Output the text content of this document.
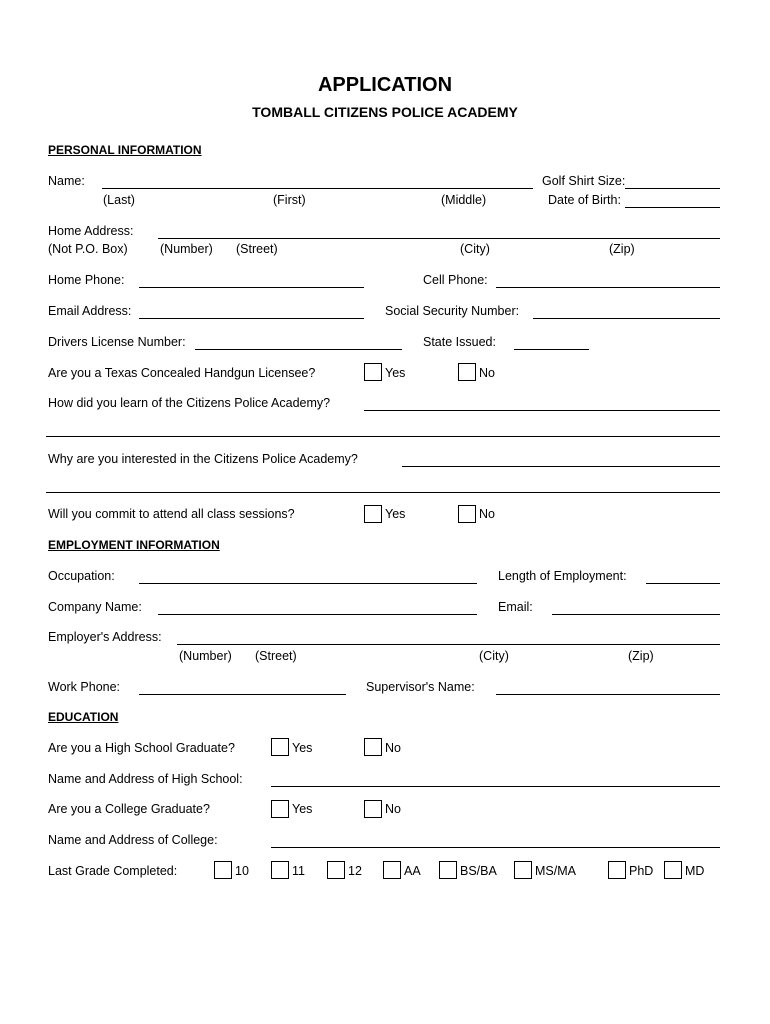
APPLICATION
TOMBALL CITIZENS POLICE ACADEMY
PERSONAL INFORMATION
Name:
(Last)	(First)	(Middle)
Golf Shirt Size:
Date of Birth:
Home Address:
(Not P.O. Box)	(Number) (Street)	(City)	(Zip)
Home Phone:	Cell Phone:
Email Address:	Social Security Number:
Drivers License Number:	State Issued:
Are you a Texas Concealed Handgun Licensee?	Yes	No
How did you learn of the Citizens Police Academy?
Why are you interested in the Citizens Police Academy?
Will you commit to attend all class sessions?	Yes	No
EMPLOYMENT INFORMATION
Occupation:	Length of Employment:
Company Name:	Email:
Employer's Address:
(Number) (Street)	(City)	(Zip)
Work Phone:	Supervisor's Name:
EDUCATION
Are you a High School Graduate?	Yes	No
Name and Address of High School:
Are you a College Graduate?	Yes	No
Name and Address of College:
Last Grade Completed:	10	11	12	AA	BS/BA	MS/MA	PhD	MD
